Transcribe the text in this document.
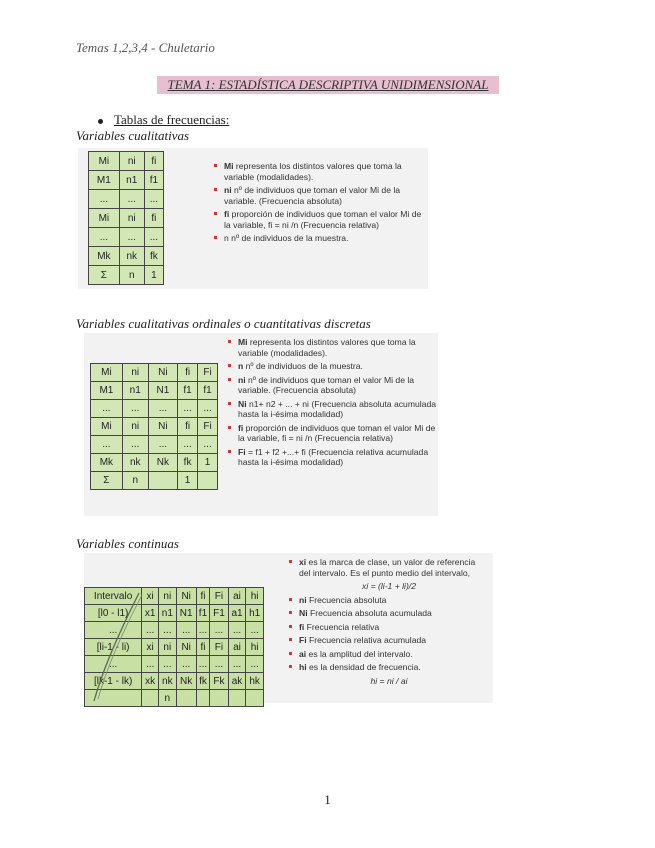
Temas 1,2,3,4 - Chuletario
TEMA 1: ESTADÍSTICA DESCRIPTIVA UNIDIMENSIONAL
Tablas de frecuencias:
Variables cualitativas
Mi	ni	fi
M1	n1	f1
...	...	...
Mi	ni	fi
...	...	...
Mk	nk	fk
Σ	n	1
Mi representa los distintos valores que toma la variable (modalidades).
ni nº de individuos que toman el valor Mi de la variable. (Frecuencia absoluta)
fi proporción de individuos que toman el valor Mi de la variable, fi = ni /n (Frecuencia relativa)
n nº de individuos de la muestra.
Variables cualitativas ordinales o cuantitativas discretas
Mi	ni	Ni	fi	Fi
M1	n1	N1	f1	f1
...	...	...	...	...
Mi	ni	Ni	fi	Fi
...	...	...	...	...
Mk	nk	Nk	fk	1
Σ	n		1	
Mi representa los distintos valores que toma la variable (modalidades).
n nº de individuos de la muestra.
ni nº de individuos que toman el valor Mi de la variable. (Frecuencia absoluta)
Ni n1+ n2 + ... + ni (Frecuencia absoluta acumulada hasta la i-ésima modalidad)
fi proporción de individuos que toman el valor Mi de la variable, fi = ni /n (Frecuencia relativa)
Fi = f1 + f2 +...+ fi (Frecuencia relativa acumulada hasta la i-ésima modalidad)
Variables continuas
Intervalo	xi	ni	Ni	fi	Fi	ai	hi
[l0 - l1)	x1	n1	N1	f1	F1	a1	h1
...	...	...	...	...	...	...	...
[li-1 - li)	xi	ni	Ni	fi	Fi	ai	hi
...	...	...	...	...	...	...	...
[lk-1 - lk)	xk	nk	Nk	fk	Fk	ak	hk
		n					
xi es la marca de clase, un valor de referencia del intervalo. Es el punto medio del intervalo,
xi = (li-1 + li)/2
ni Frecuencia absoluta
Ni Frecuencia absoluta acumulada
fi Frecuencia relativa
Fi Frecuencia relativa acumulada
ai es la amplitud del intervalo.
hi es la densidad de frecuencia.
hi = ni / ai
1
